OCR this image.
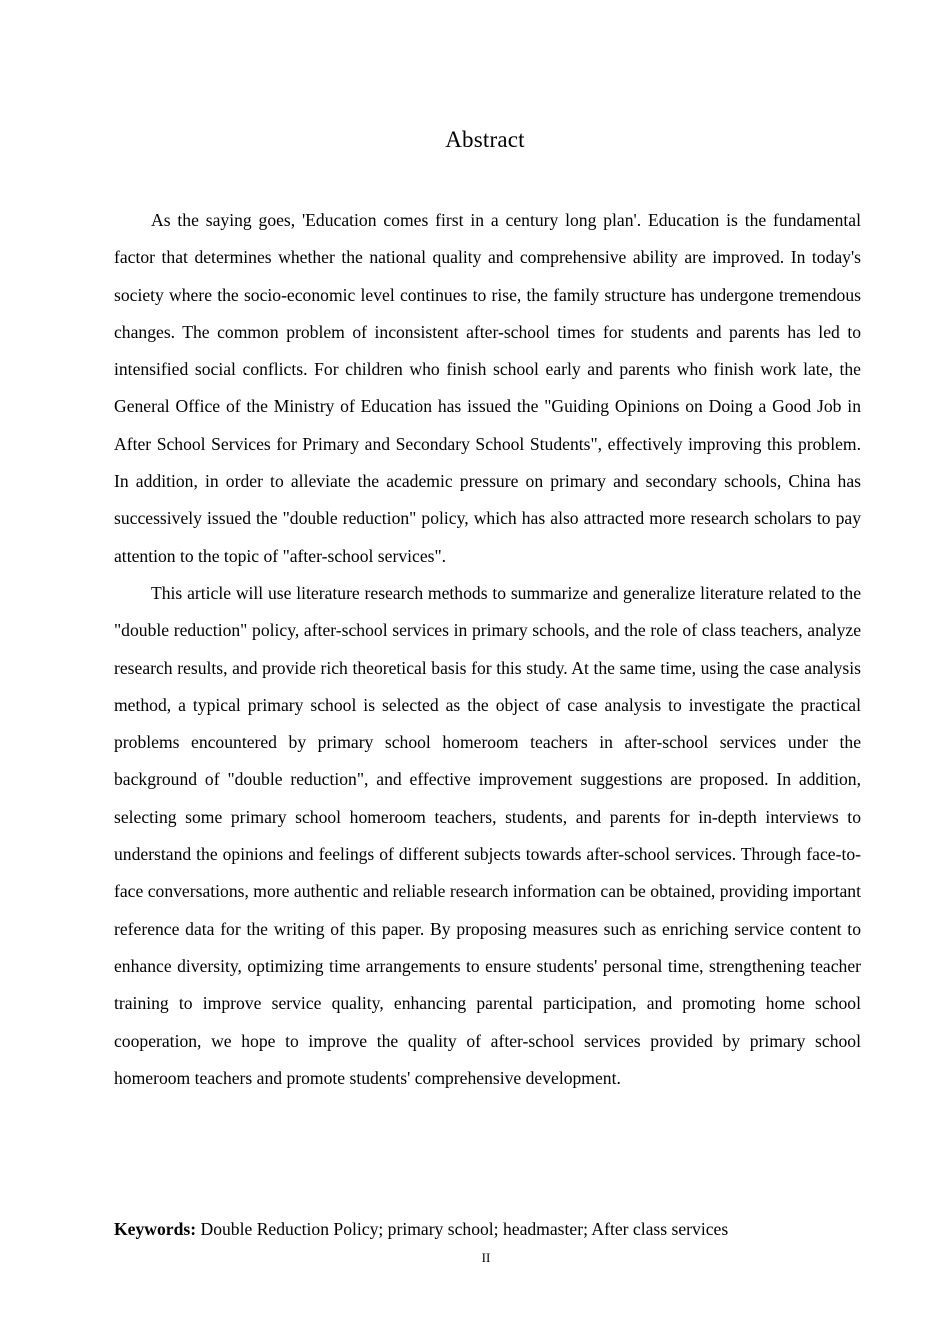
Abstract

As the saying goes, 'Education comes first in a century long plan'. Education is the fundamental factor that determines whether the national quality and comprehensive ability are improved. In today's society where the socio-economic level continues to rise, the family structure has undergone tremendous changes. The common problem of inconsistent after-school times for students and parents has led to intensified social conflicts. For children who finish school early and parents who finish work late, the General Office of the Ministry of Education has issued the "Guiding Opinions on Doing a Good Job in After School Services for Primary and Secondary School Students", effectively improving this problem. In addition, in order to alleviate the academic pressure on primary and secondary schools, China has successively issued the "double reduction" policy, which has also attracted more research scholars to pay attention to the topic of "after-school services".

This article will use literature research methods to summarize and generalize literature related to the "double reduction" policy, after-school services in primary schools, and the role of class teachers, analyze research results, and provide rich theoretical basis for this study. At the same time, using the case analysis method, a typical primary school is selected as the object of case analysis to investigate the practical problems encountered by primary school homeroom teachers in after-school services under the background of "double reduction", and effective improvement suggestions are proposed. In addition, selecting some primary school homeroom teachers, students, and parents for in-depth interviews to understand the opinions and feelings of different subjects towards after-school services. Through face-to-face conversations, more authentic and reliable research information can be obtained, providing important reference data for the writing of this paper. By proposing measures such as enriching service content to enhance diversity, optimizing time arrangements to ensure students' personal time, strengthening teacher training to improve service quality, enhancing parental participation, and promoting home school cooperation, we hope to improve the quality of after-school services provided by primary school homeroom teachers and promote students' comprehensive development.

Keywords: Double Reduction Policy; primary school; headmaster; After class services
II
